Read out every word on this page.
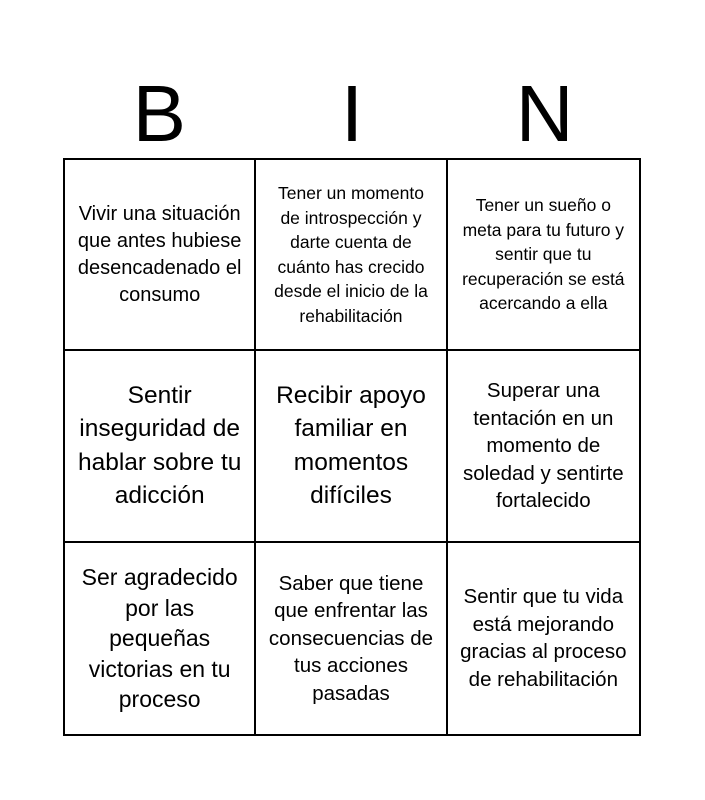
B	I	N
Vivir una situación que antes hubiese desencadenado el consumo
Tener un momento de introspección y darte cuenta de cuánto has crecido desde el inicio de la rehabilitación
Tener un sueño o meta para tu futuro y sentir que tu recuperación se está acercando a ella
Sentir inseguridad de hablar sobre tu adicción
Recibir apoyo familiar en momentos difíciles
Superar una tentación en un momento de soledad y sentirte fortalecido
Ser agradecido por las pequeñas victorias en tu proceso
Saber que tiene que enfrentar las consecuencias de tus acciones pasadas
Sentir que tu vida está mejorando gracias al proceso de rehabilitación
